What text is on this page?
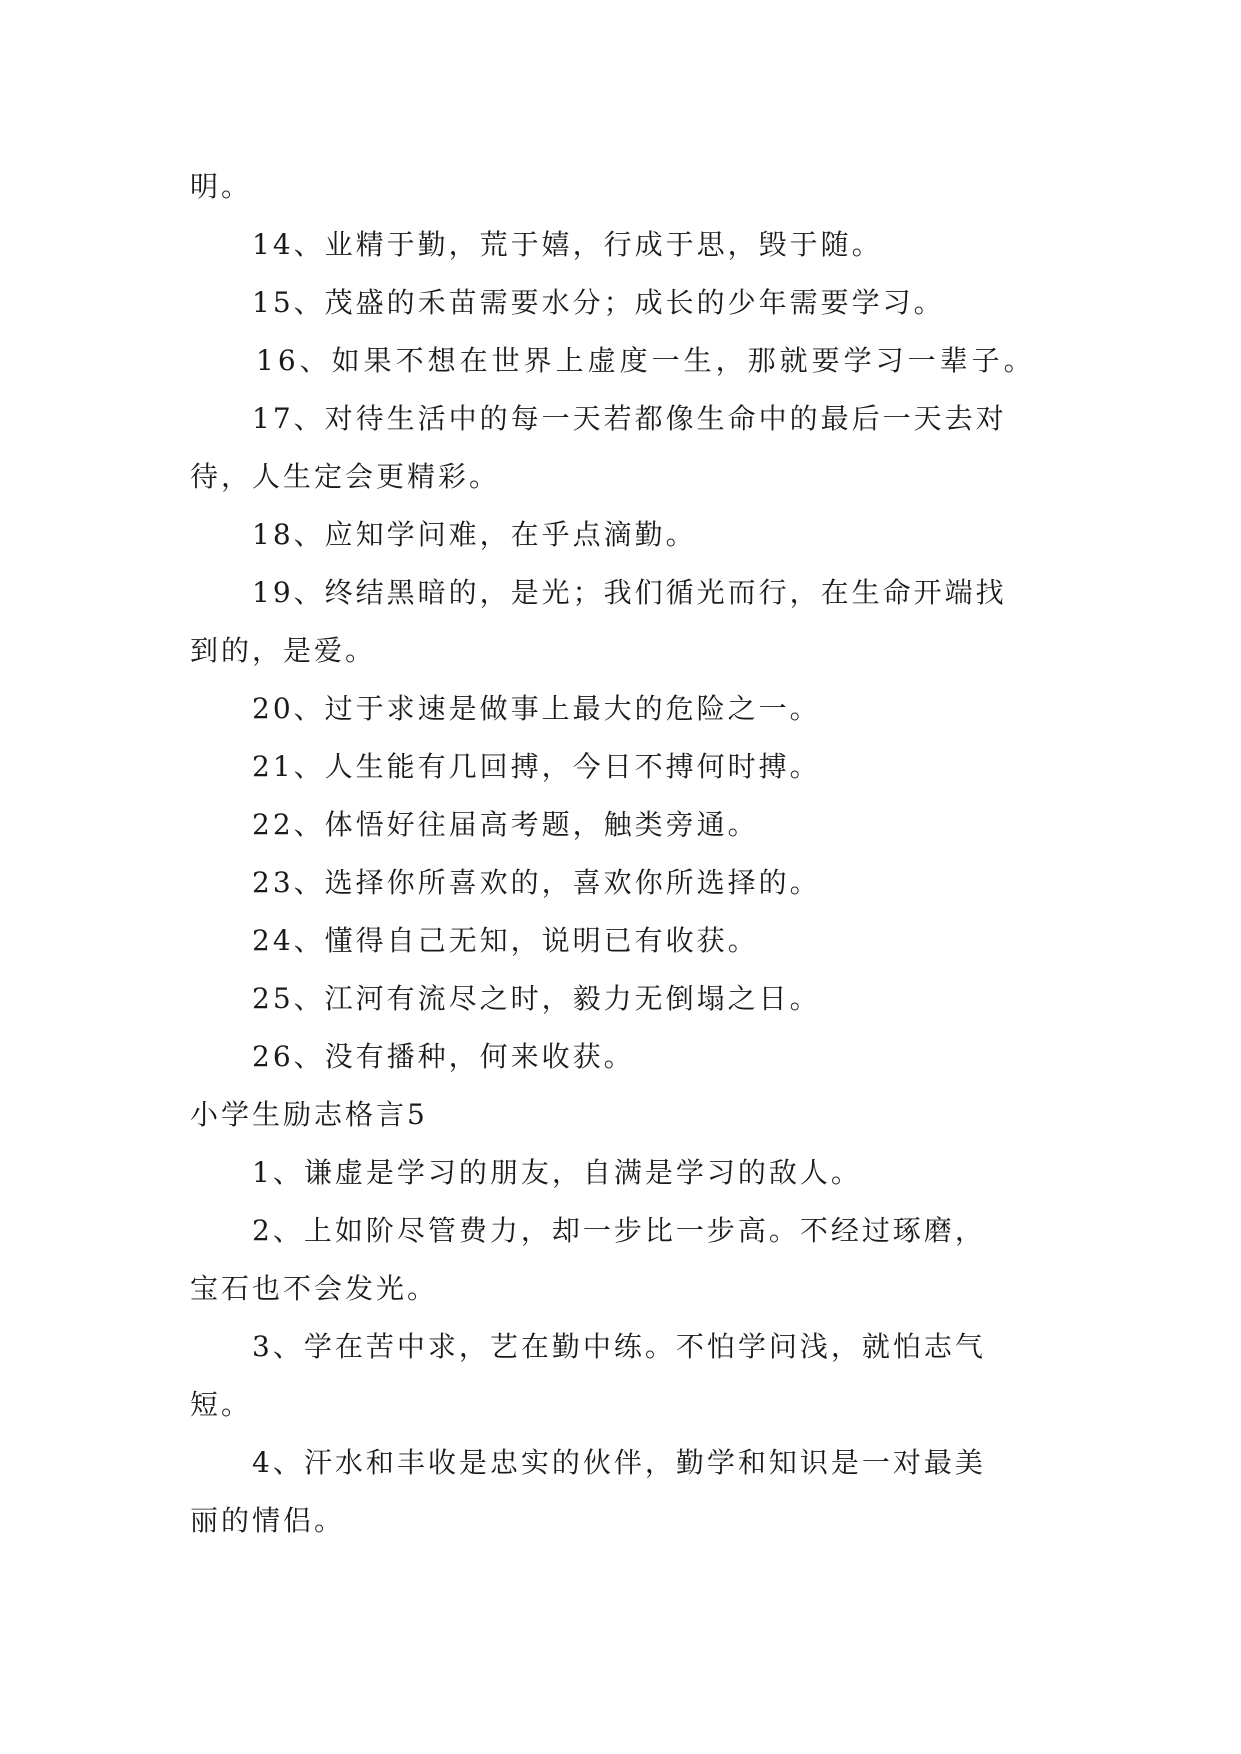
明。
14、业精于勤，荒于嬉，行成于思，毁于随。
15、茂盛的禾苗需要水分；成长的少年需要学习。
16、如果不想在世界上虚度一生，那就要学习一辈子。
17、对待生活中的每一天若都像生命中的最后一天去对
待，人生定会更精彩。
18、应知学问难，在乎点滴勤。
19、终结黑暗的，是光；我们循光而行，在生命开端找
到的，是爱。
20、过于求速是做事上最大的危险之一。
21、人生能有几回搏，今日不搏何时搏。
22、体悟好往届高考题，触类旁通。
23、选择你所喜欢的，喜欢你所选择的。
24、懂得自己无知，说明已有收获。
25、江河有流尽之时，毅力无倒塌之日。
26、没有播种，何来收获。
小学生励志格言5
1、谦虚是学习的朋友，自满是学习的敌人。
2、上如阶尽管费力，却一步比一步高。不经过琢磨，
宝石也不会发光。
3、学在苦中求，艺在勤中练。不怕学问浅，就怕志气
短。
4、汗水和丰收是忠实的伙伴，勤学和知识是一对最美
丽的情侣。
